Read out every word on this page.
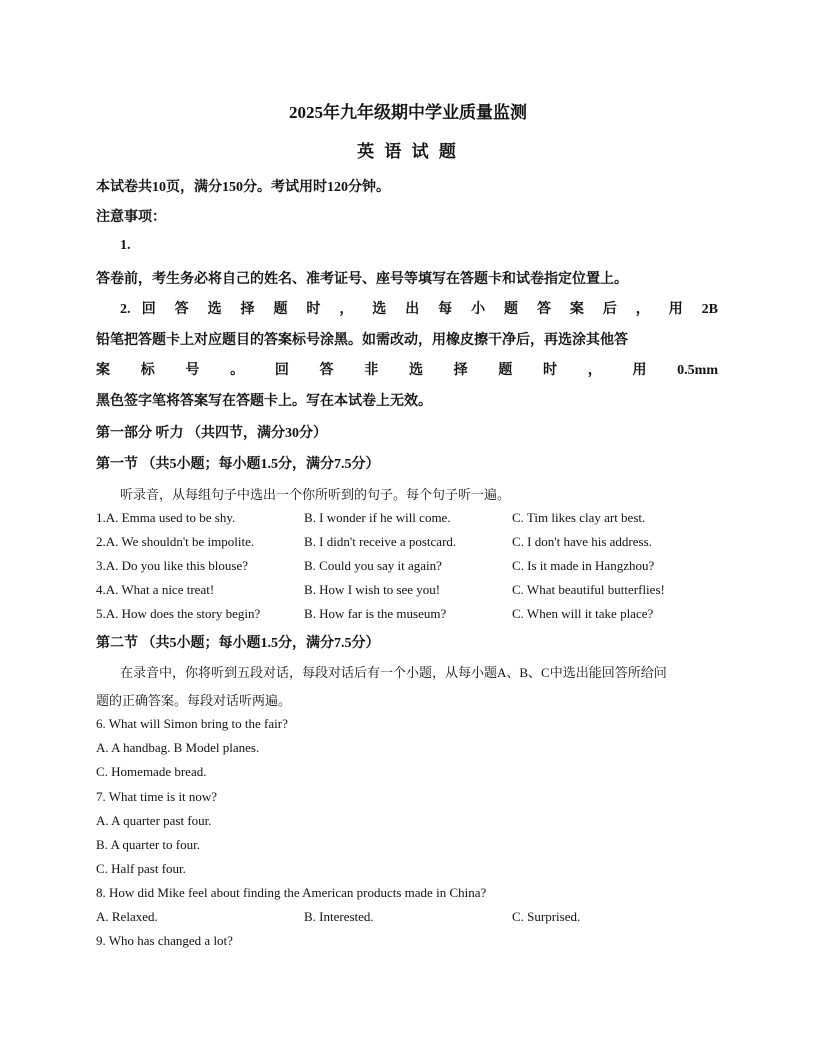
2025年九年级期中学业质量监测
英 语 试 题
本试卷共10页，满分150分。考试用时120分钟。
注意事项：
1.
答卷前，考生务必将自己的姓名、准考证号、座号等填写在答题卡和试卷指定位置上。
2. 回 答 选 择 题 时 ， 选 出 每 小 题 答 案 后 ， 用 2B
铅笔把答题卡上对应题目的答案标号涂黑。如需改动，用橡皮擦干净后，再选涂其他答
案 标 号 。 回 答 非 选 择 题 时 ， 用 0.5mm
黑色签字笔将答案写在答题卡上。写在本试卷上无效。
第一部分 听力 （共四节，满分30分）
第一节 （共5小题；每小题1.5分，满分7.5分）
听录音，从每组句子中选出一个你所听到的句子。每个句子听一遍。
1.A. Emma used to be shy.	B. I wonder if he will come.	C. Tim likes clay art best.
2.A. We shouldn't be impolite.	B. I didn't receive a postcard.	C. I don't have his address.
3.A. Do you like this blouse?	B. Could you say it again?	C. Is it made in Hangzhou?
4.A. What a nice treat!	B. How I wish to see you!	C. What beautiful butterflies!
5.A. How does the story begin?	B. How far is the museum?	C. When will it take place?
第二节 （共5小题；每小题1.5分，满分7.5分）
在录音中，你将听到五段对话，每段对话后有一个小题，从每小题A、B、C中选出能回答所给问
题的正确答案。每段对话听两遍。
6. What will Simon bring to the fair?
A. A handbag. B Model planes.
C. Homemade bread.
7. What time is it now?
A. A quarter past four.
B. A quarter to four.
C. Half past four.
8. How did Mike feel about finding the American products made in China?
A. Relaxed.	B. Interested.	C. Surprised.
9. Who has changed a lot?
